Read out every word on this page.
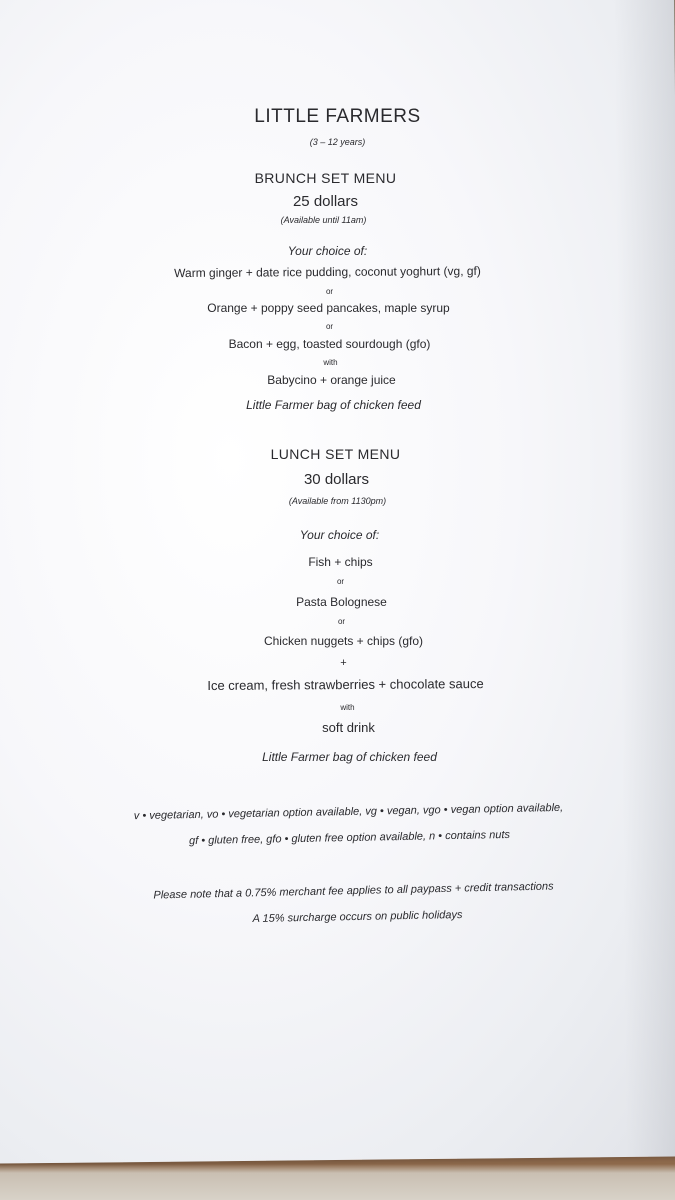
LITTLE FARMERS
(3 – 12 years)
BRUNCH SET MENU
25 dollars
(Available until 11am)
Your choice of:
Warm ginger + date rice pudding, coconut yoghurt (vg, gf)
or
Orange + poppy seed pancakes, maple syrup
or
Bacon + egg, toasted sourdough (gfo)
with
Babycino + orange juice
Little Farmer bag of chicken feed
LUNCH SET MENU
30 dollars
(Available from 1130pm)
Your choice of:
Fish + chips
or
Pasta Bolognese
or
Chicken nuggets + chips (gfo)
+
Ice cream, fresh strawberries + chocolate sauce
with
soft drink
Little Farmer bag of chicken feed
v • vegetarian, vo • vegetarian option available, vg • vegan, vgo • vegan option available,
gf • gluten free, gfo • gluten free option available, n • contains nuts
Please note that a 0.75% merchant fee applies to all paypass + credit transactions
A 15% surcharge occurs on public holidays
